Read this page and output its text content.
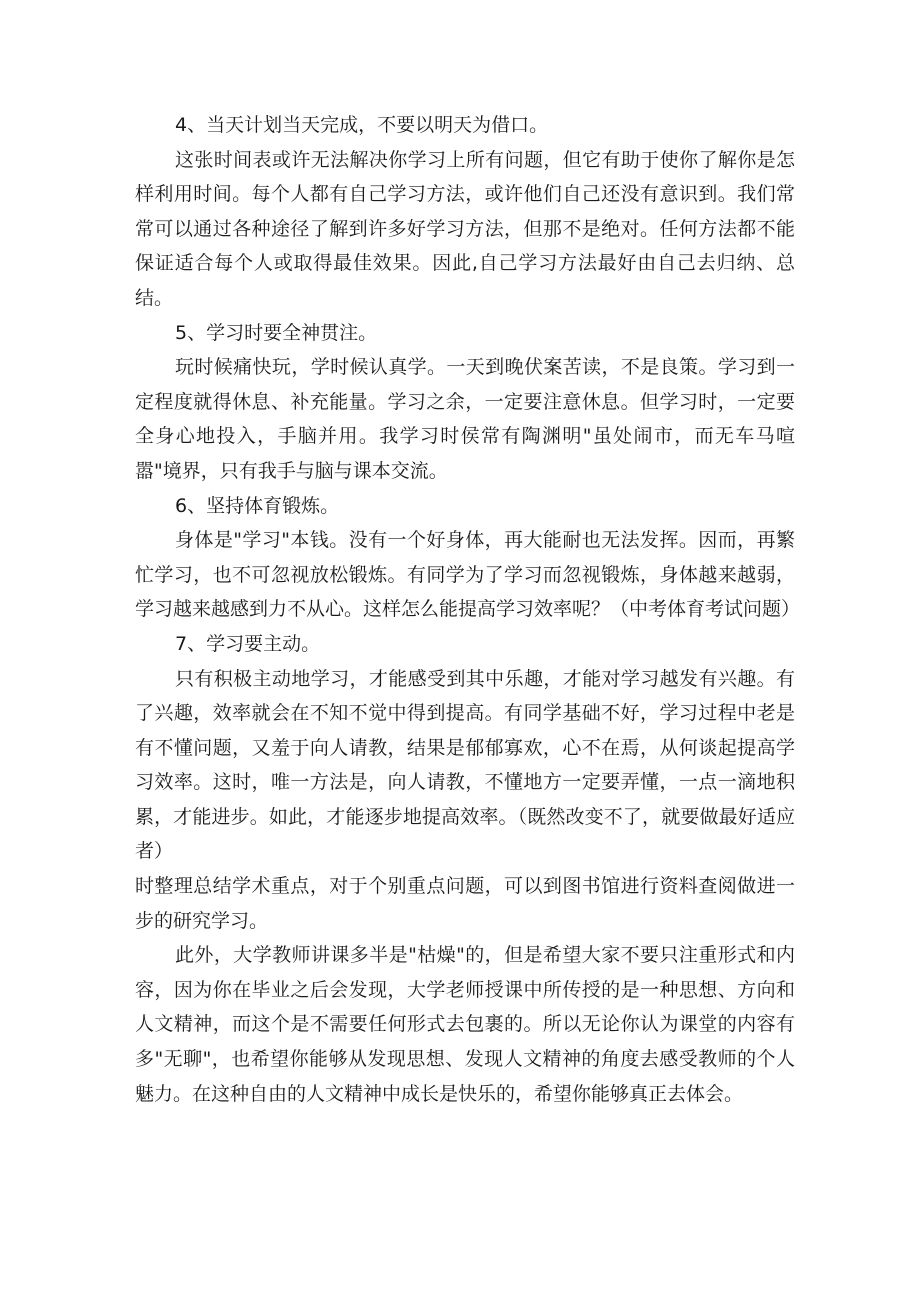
4、当天计划当天完成，不要以明天为借口。

这张时间表或许无法解决你学习上所有问题，但它有助于使你了解你是怎样利用时间。每个人都有自己学习方法，或许他们自己还没有意识到。我们常常可以通过各种途径了解到许多好学习方法，但那不是绝对。任何方法都不能保证适合每个人或取得最佳效果。因此,自己学习方法最好由自己去归纳、总结。

5、学习时要全神贯注。

玩时候痛快玩，学时候认真学。一天到晚伏案苦读，不是良策。学习到一定程度就得休息、补充能量。学习之余，一定要注意休息。但学习时，一定要全身心地投入，手脑并用。我学习时侯常有陶渊明"虽处闹市，而无车马喧嚣"境界，只有我手与脑与课本交流。

6、坚持体育锻炼。

身体是"学习"本钱。没有一个好身体，再大能耐也无法发挥。因而，再繁忙学习，也不可忽视放松锻炼。有同学为了学习而忽视锻炼，身体越来越弱，学习越来越感到力不从心。这样怎么能提高学习效率呢？（中考体育考试问题）

7、学习要主动。

只有积极主动地学习，才能感受到其中乐趣，才能对学习越发有兴趣。有了兴趣，效率就会在不知不觉中得到提高。有同学基础不好，学习过程中老是有不懂问题，又羞于向人请教，结果是郁郁寡欢，心不在焉，从何谈起提高学习效率。这时，唯一方法是，向人请教，不懂地方一定要弄懂，一点一滴地积累，才能进步。如此，才能逐步地提高效率。（既然改变不了，就要做最好适应者）

时整理总结学术重点，对于个别重点问题，可以到图书馆进行资料查阅做进一步的研究学习。

此外，大学教师讲课多半是"枯燥"的，但是希望大家不要只注重形式和内容，因为你在毕业之后会发现，大学老师授课中所传授的是一种思想、方向和人文精神，而这个是不需要任何形式去包裹的。所以无论你认为课堂的内容有多"无聊"，也希望你能够从发现思想、发现人文精神的角度去感受教师的个人魅力。在这种自由的人文精神中成长是快乐的，希望你能够真正去体会。
